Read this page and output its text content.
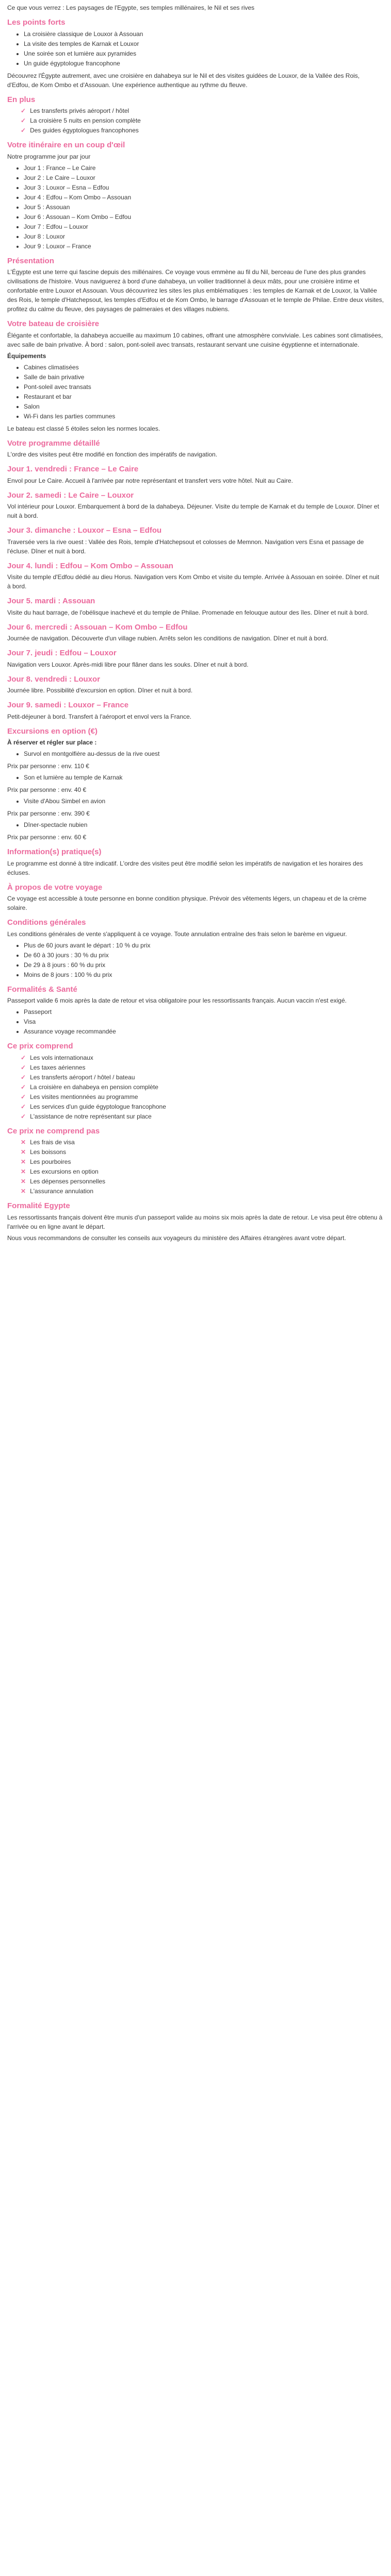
Ce que vous verrez : Les paysages de l'Egypte, ses temples millénaires, le Nil et ses rives

Les points forts
• La croisière classique de Louxor à Assouan
• La visite des temples de Karnak et Louxor
• Une soirée son et lumière aux pyramides
• Un guide égyptologue francophone

Découvrez l'Égypte autrement, avec une croisière en dahabeya sur le Nil et des visites guidées de Louxor, de la Vallée des Rois, d'Edfou, de Kom Ombo et d'Assouan. Une expérience authentique au rythme du fleuve.

En plus
✓ Les transferts privés aéroport / hôtel
✓ La croisière 5 nuits en pension complète
✓ Des guides égyptologues francophones
Votre itinéraire en un coup d'œil

Notre programme jour par jour

• Jour 1 : France – Le Caire
• Jour 2 : Le Caire – Louxor
• Jour 3 : Louxor – Esna – Edfou
• Jour 4 : Edfou – Kom Ombo – Assouan
• Jour 5 : Assouan
• Jour 6 : Assouan – Kom Ombo – Edfou
• Jour 7 : Edfou – Louxor
• Jour 8 : Louxor
• Jour 9 : Louxor – France
Présentation

L'Égypte est une terre qui fascine depuis des millénaires. Ce voyage vous emmène au fil du Nil, berceau de l'une des plus grandes civilisations de l'histoire. Vous naviguerez à bord d'une dahabeya, un voilier traditionnel à deux mâts, pour une croisière intime et confortable entre Louxor et Assouan. Vous découvrirez les sites les plus emblématiques : les temples de Karnak et de Louxor, la Vallée des Rois, le temple d'Hatchepsout, les temples d'Edfou et de Kom Ombo, le barrage d'Assouan et le temple de Philae. Entre deux visites, profitez du calme du fleuve, des paysages de palmeraies et des villages nubiens.

Votre bateau de croisière

Élégante et confortable, la dahabeya accueille au maximum 10 cabines, offrant une atmosphère conviviale. Les cabines sont climatisées, avec salle de bain privative. À bord : salon, pont-soleil avec transats, restaurant servant une cuisine égyptienne et internationale.

Équipements

• Cabines climatisées
• Salle de bain privative
• Pont-soleil avec transats
• Restaurant et bar
• Salon
• Wi-Fi dans les parties communes

Le bateau est classé 5 étoiles selon les normes locales.

Votre programme détaillé

L'ordre des visites peut être modifié en fonction des impératifs de navigation.

Jour 1. vendredi : France – Le Caire

Envol pour Le Caire. Accueil à l'arrivée par notre représentant et transfert vers votre hôtel. Nuit au Caire.

Jour 2. samedi : Le Caire – Louxor

Vol intérieur pour Louxor. Embarquement à bord de la dahabeya. Déjeuner. Visite du temple de Karnak et du temple de Louxor. Dîner et nuit à bord.

Jour 3. dimanche : Louxor – Esna – Edfou

Traversée vers la rive ouest : Vallée des Rois, temple d'Hatchepsout et colosses de Memnon. Navigation vers Esna et passage de l'écluse. Dîner et nuit à bord.

Jour 4. lundi : Edfou – Kom Ombo – Assouan

Visite du temple d'Edfou dédié au dieu Horus. Navigation vers Kom Ombo et visite du temple. Arrivée à Assouan en soirée. Dîner et nuit à bord.

Jour 5. mardi : Assouan

Visite du haut barrage, de l'obélisque inachevé et du temple de Philae. Promenade en felouque autour des îles. Dîner et nuit à bord.

Jour 6. mercredi : Assouan – Kom Ombo – Edfou

Journée de navigation. Découverte d'un village nubien. Arrêts selon les conditions de navigation. Dîner et nuit à bord.

Jour 7. jeudi : Edfou – Louxor

Navigation vers Louxor. Après-midi libre pour flâner dans les souks. Dîner et nuit à bord.

Jour 8. vendredi : Louxor

Journée libre. Possibilité d'excursion en option. Dîner et nuit à bord.

Jour 9. samedi : Louxor – France

Petit-déjeuner à bord. Transfert à l'aéroport et envol vers la France.

Excursions en option (€)

À réserver et régler sur place :

• Survol en montgolfière au-dessus de la rive ouest

Prix par personne : env. 110 €

• Son et lumière au temple de Karnak

Prix par personne : env. 40 €

• Visite d'Abou Simbel en avion

Prix par personne : env. 390 €

• Dîner-spectacle nubien

Prix par personne : env. 60 €

Information(s) pratique(s)

Le programme est donné à titre indicatif. L'ordre des visites peut être modifié selon les impératifs de navigation et les horaires des écluses.

À propos de votre voyage

Ce voyage est accessible à toute personne en bonne condition physique. Prévoir des vêtements légers, un chapeau et de la crème solaire.

Conditions générales

Les conditions générales de vente s'appliquent à ce voyage. Toute annulation entraîne des frais selon le barème en vigueur.

• Plus de 60 jours avant le départ : 10 % du prix
• De 60 à 30 jours : 30 % du prix
• De 29 à 8 jours : 60 % du prix
• Moins de 8 jours : 100 % du prix
Formalités & Santé

Passeport valide 6 mois après la date de retour et visa obligatoire pour les ressortissants français. Aucun vaccin n'est exigé.

• Passeport
• Visa
• Assurance voyage recommandée
Ce prix comprend
✓ Les vols internationaux
✓ Les taxes aériennes
✓ Les transferts aéroport / hôtel / bateau
✓ La croisière en dahabeya en pension complète
✓ Les visites mentionnées au programme
✓ Les services d'un guide égyptologue francophone
✓ L'assistance de notre représentant sur place
Ce prix ne comprend pas
✕ Les frais de visa
✕ Les boissons
✕ Les pourboires
✕ Les excursions en option
✕ Les dépenses personnelles
✕ L'assurance annulation
Formalité Egypte

Les ressortissants français doivent être munis d'un passeport valide au moins six mois après la date de retour. Le visa peut être obtenu à l'arrivée ou en ligne avant le départ.

Nous vous recommandons de consulter les conseils aux voyageurs du ministère des Affaires étrangères avant votre départ.
